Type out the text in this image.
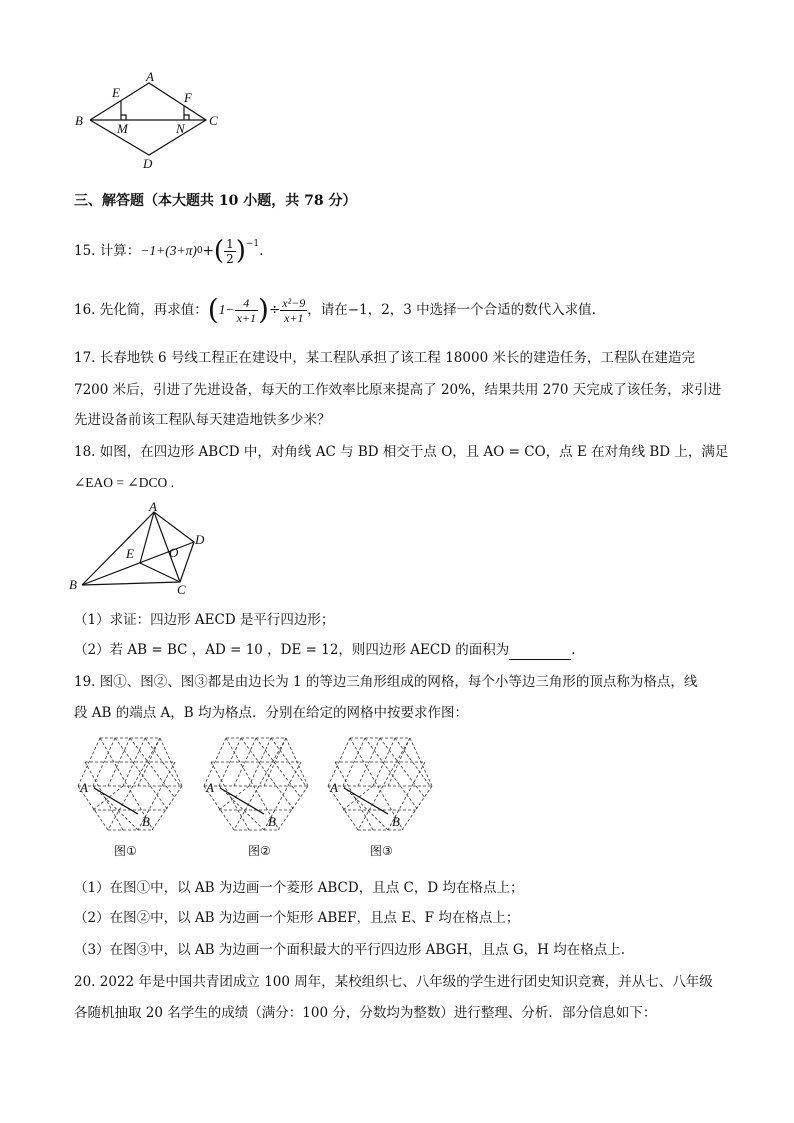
A
B	C
D
E	F
M	N
三、解答题（本大题共 10 小题，共 78 分）
15. 计算： −1+(3+π) 0 + ( $\frac{1}{2} )^{-1}$ .
16. 先化简，再求值： ( $1- \frac{4}{x+1}$ ) ÷ $\frac{\text{x²−9}}{x+1}$ ，请在−1，2，3 中选择一个合适的数代入求值.
17. 长春地铁 6 号线工程正在建设中，某工程队承担了该工程 18000 米长的建造任务，工程队在建造完
7200 米后，引进了先进设备，每天的工作效率比原来提高了 20%，结果共用 270 天完成了该任务，求引进
先进设备前该工程队每天建造地铁多少米？
18. 如图，在四边形 ABCD 中，对角线 AC 与 BD 相交于点 O，且 AO = CO，点 E 在对角线 BD 上，满足
∠EAO = ∠DCO .
A
B	C
D
E	O
（1）求证：四边形 AECD 是平行四边形；
（2）若 AB = BC ，AD = 10 ，DE = 12，则四边形 AECD 的面积为	.
19. 图①、图②、图③都是由边长为 1 的等边三角形组成的网格，每个小等边三角形的顶点称为格点，线
段 AB 的端点 A，B 均为格点．分别在给定的网格中按要求作图：
A
B
图①
A
B
图②
A
B
图③
（1）在图①中，以 AB 为边画一个菱形 ABCD，且点 C，D 均在格点上；
（2）在图②中，以 AB 为边画一个矩形 ABEF，且点 E、F 均在格点上；
（3）在图③中，以 AB 为边画一个面积最大的平行四边形 ABGH，且点 G，H 均在格点上.
20. 2022 年是中国共青团成立 100 周年，某校组织七、八年级的学生进行团史知识竞赛，并从七、八年级
各随机抽取 20 名学生的成绩（满分：100 分，分数均为整数）进行整理、分析．部分信息如下：
